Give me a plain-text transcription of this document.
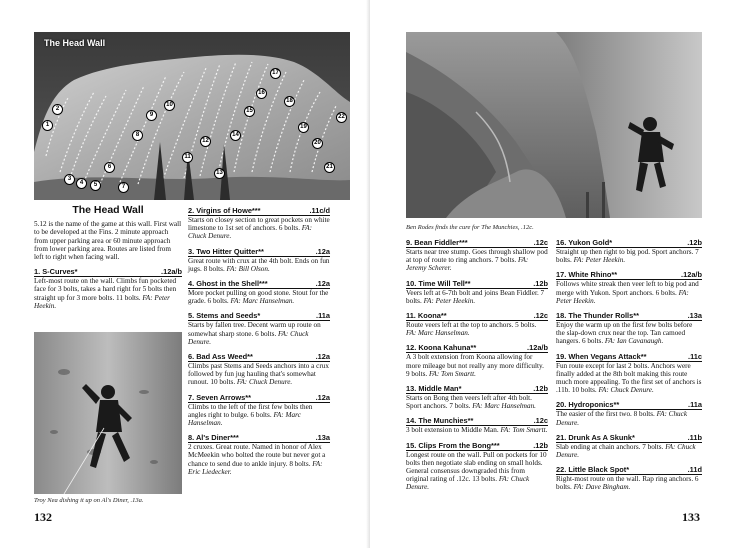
The Head Wall
1
2
3
4	5
6
7
8
9
10
11
12
13
14
15
16
17
18
19
20
21
22
The Head Wall

5.12 is the name of the game at this wall. First wall to be developed at the Fins. 2 minute approach from upper parking area or 60 minute approach from lower parking area. Routes are listed from left to right when facing wall.

1. S-Curves*	.12a/b
Left-most route on the wall. Climbs fun pocketed face for 3 bolts, takes a hard right for 5 bolts then straight up for 3 more bolts. 11 bolts. FA: Peter Heekin.
Troy Nea dishing it up on Al's Diner, .13a.
2. Virgins of Howe***	.11c/d
Starts on closey section to great pockets on white limestone to 1st set of anchors. 6 bolts. FA: Chuck Denure.
3. Two Hitter Quitter**	.12a
Great route with crux at the 4th bolt. Ends on fun jugs. 8 bolts. FA: Bill Olson.
4. Ghost in the Shell***	.12a
More pocket pulling on good stone. Stout for the grade. 6 bolts. FA: Marc Hanselman.
5. Stems and Seeds*	.11a
Starts by fallen tree. Decent warm up route on somewhat sharp stone. 6 bolts. FA: Chuck Denure.
6. Bad Ass Weed**	.12a
Climbs past Stems and Seeds anchors into a crux followed by fun jug hauling that's somewhat runout. 10 bolts. FA: Chuck Denure.
7. Seven Arrows**	.12a
Climbs to the left of the first few bolts then angles right to bulge. 6 bolts. FA: Marc Hanselman.
8. Al's Diner***	.13a
2 cruxes. Great route. Named in honor of Alex McMeekin who bolted the route but never got a chance to send due to ankle injury. 8 bolts. FA: Eric Liedecker.
132
Ben Rodes finds the cure for The Munchies, .12c.
9. Bean Fiddler***	.12c
Starts near tree stump. Goes through shallow pod at top of route to ring anchors. 7 bolts. FA: Jeremy Scherer.
10. Time Will Tell**	.12b
Veers left at 6-7th bolt and joins Bean Fiddler. 7 bolts. FA: Peter Heekin.
11. Koona**	.12c
Route veers left at the top to anchors. 5 bolts. FA: Marc Hanselman.
12. Koona Kahuna**	.12a/b
A 3 bolt extension from Koona allowing for more mileage but not really any more difficulty. 9 bolts. FA: Tom Smartt.
13. Middle Man*	.12b
Starts on Bong then veers left after 4th bolt. Sport anchors. 7 bolts. FA: Marc Hanselman.
14. The Munchies**	.12c
3 bolt extension to Middle Man. FA: Tom Smartt.
15. Clips From the Bong***	.12b
Longest route on the wall. Pull on pockets for 10 bolts then negotiate slab ending on small holds. General consensus downgraded this from original rating of .12c. 13 bolts. FA: Chuck Denure.
16. Yukon Gold*	.12b
Straight up then right to big pod. Sport anchors. 7 bolts. FA: Peter Heekin.
17. White Rhino**	.12a/b
Follows white streak then veer left to big pod and merge with Yukon. Sport anchors. 6 bolts. FA: Peter Heekin.
18. The Thunder Rolls**	.13a
Enjoy the warm up on the first few bolts before the slap-down crux near the top. Tan camoed hangers. 6 bolts. FA: Ian Cavanaugh.
19. When Vegans Attack**	.11c
Fun route except for last 2 bolts. Anchors were finally added at the 8th bolt making this route much more appealing. To the first set of anchors is .11b. 10 bolts. FA: Chuck Denure.
20. Hydroponics**	.11a
The easier of the first two. 8 bolts. FA: Chuck Denure.
21. Drunk As A Skunk*	.11b
Slab ending at chain anchors. 7 bolts. FA: Chuck Denure.
22. Little Black Spot*	.11d
Right-most route on the wall. Rap ring anchors. 6 bolts. FA: Dave Bingham.
133
